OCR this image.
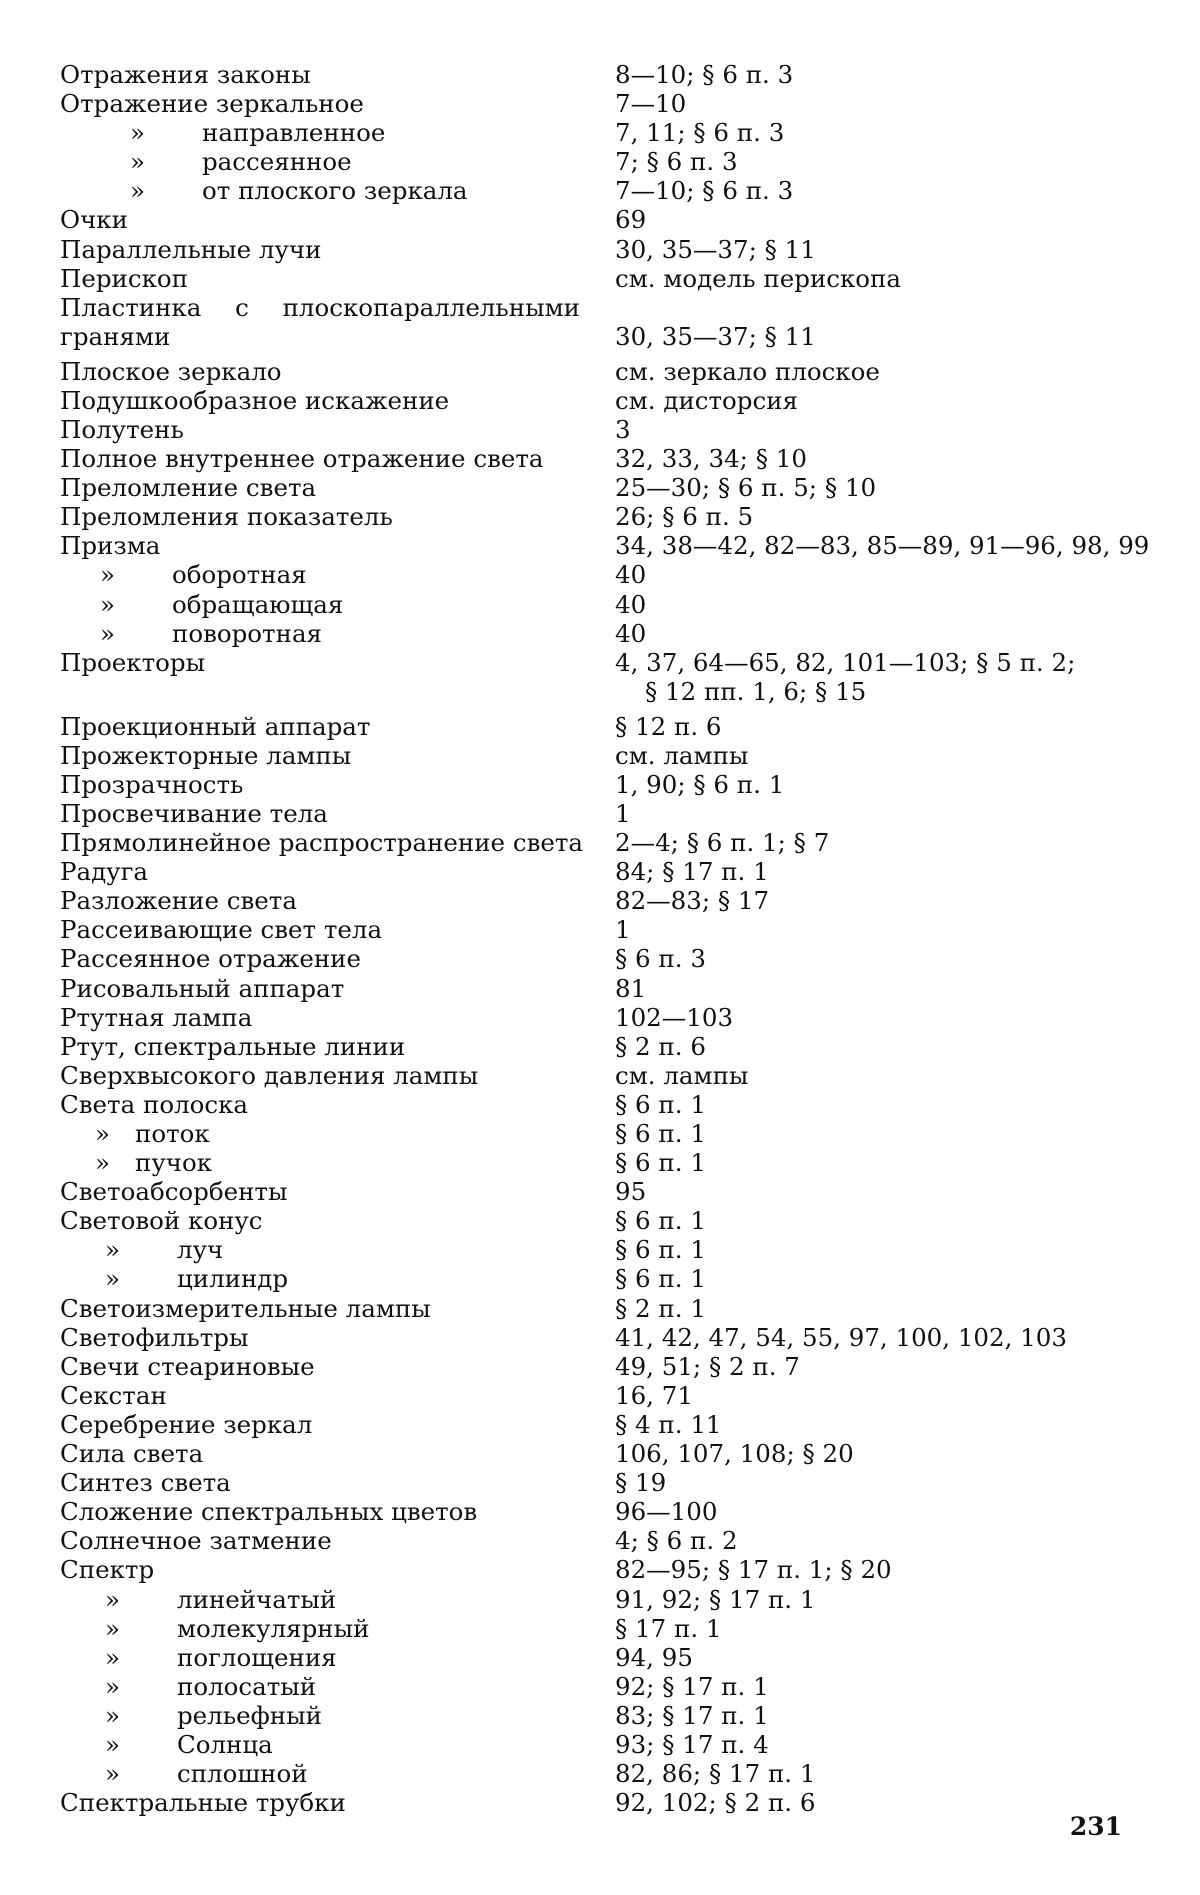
Отражения законы	8—10; § 6 п. 3
Отражение зеркальное	7—10
» направленное	7, 11; § 6 п. 3
» рассеянное	7; § 6 п. 3
» от плоского зеркала	7—10; § 6 п. 3
Очки	69
Параллельные лучи	30, 35—37; § 11
Перископ	см. модель перископа
Пластинка с плоскопараллельными гранями	30, 35—37; § 11
Плоское зеркало	см. зеркало плоское
Подушкообразное искажение	см. дисторсия
Полутень	3
Полное внутреннее отражение света	32, 33, 34; § 10
Преломление света	25—30; § 6 п. 5; § 10
Преломления показатель	26; § 6 п. 5
Призма	34, 38—42, 82—83, 85—89, 91—96, 98, 99
» оборотная	40
» обращающая	40
» поворотная	40
Проекторы	4, 37, 64—65, 82, 101—103; § 5 п. 2;
§ 12 пп. 1, 6; § 15
Проекционный аппарат	§ 12 п. 6
Прожекторные лампы	см. лампы
Прозрачность	1, 90; § 6 п. 1
Просвечивание тела	1
Прямолинейное распространение света	2—4; § 6 п. 1; § 7
Радуга	84; § 17 п. 1
Разложение света	82—83; § 17
Рассеивающие свет тела	1
Рассеянное отражение	§ 6 п. 3
Рисовальный аппарат	81
Ртутная лампа	102—103
Ртут, спектральные линии	§ 2 п. 6
Сверхвысокого давления лампы	см. лампы
Света полоска	§ 6 п. 1
» поток	§ 6 п. 1
» пучок	§ 6 п. 1
Светоабсорбенты	95
Световой конус	§ 6 п. 1
» луч	§ 6 п. 1
» цилиндр	§ 6 п. 1
Светоизмерительные лампы	§ 2 п. 1
Светофильтры	41, 42, 47, 54, 55, 97, 100, 102, 103
Свечи стеариновые	49, 51; § 2 п. 7
Секстан	16, 71
Серебрение зеркал	§ 4 п. 11
Сила света	106, 107, 108; § 20
Синтез света	§ 19
Сложение спектральных цветов	96—100
Солнечное затмение	4; § 6 п. 2
Спектр	82—95; § 17 п. 1; § 20
» линейчатый	91, 92; § 17 п. 1
» молекулярный	§ 17 п. 1
» поглощения	94, 95
» полосатый	92; § 17 п. 1
» рельефный	83; § 17 п. 1
» Солнца	93; § 17 п. 4
» сплошной	82, 86; § 17 п. 1
Спектральные трубки	92, 102; § 2 п. 6
231
